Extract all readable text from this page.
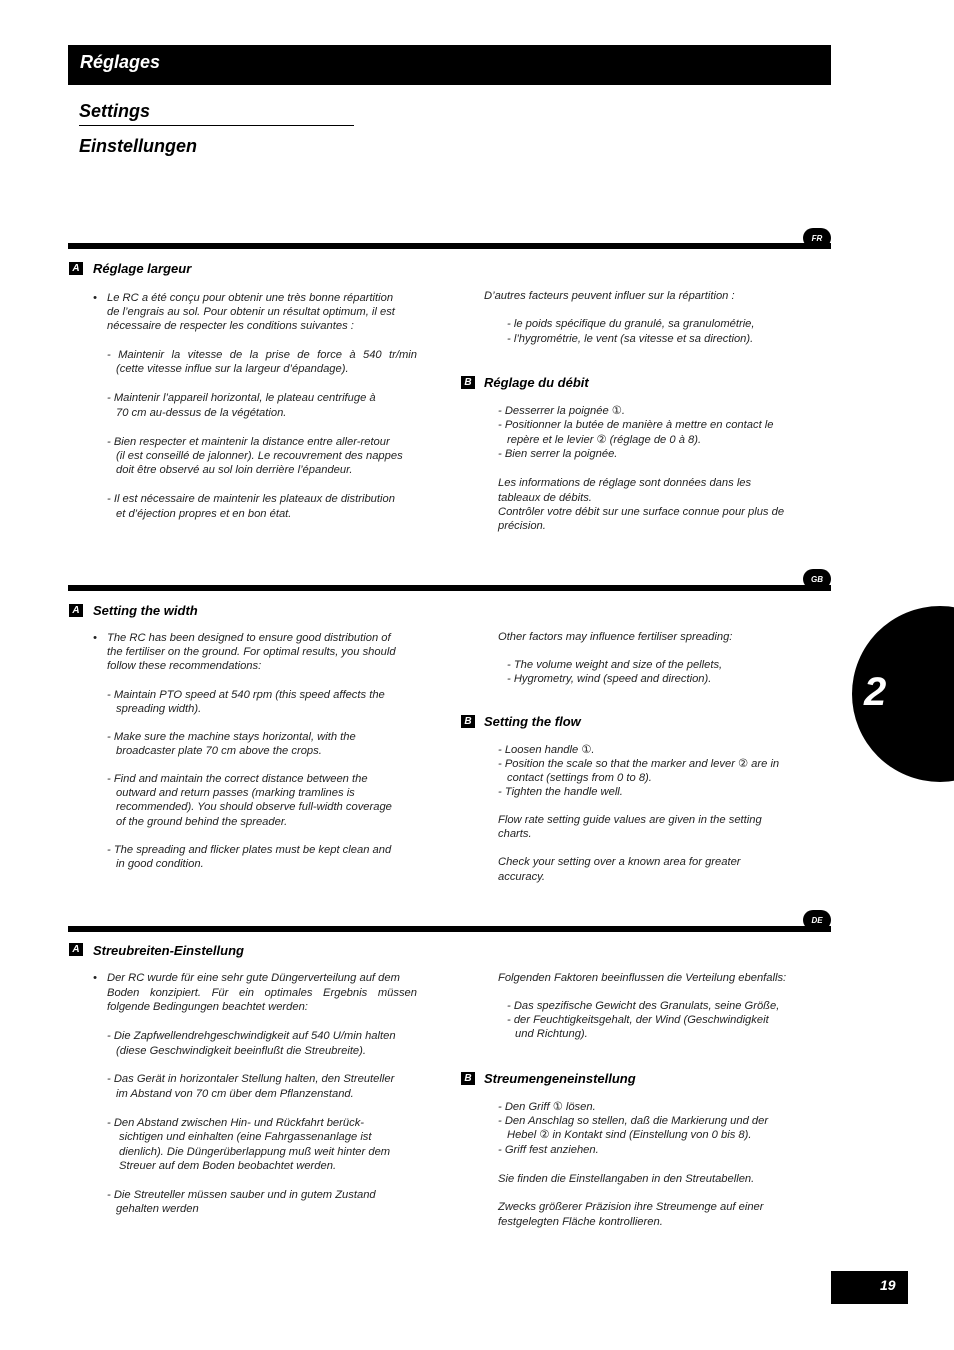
Réglages
Settings
Einstellungen
FR
A Réglage largeur
• Le RC a été conçu pour obtenir une très bonne répartition
de l’engrais au sol. Pour obtenir un résultat optimum, il est
nécessaire de respecter les conditions suivantes :
- Maintenir la vitesse de la prise de force à 540 tr/min
(cette vitesse influe sur la largeur d’épandage).
- Maintenir l’appareil horizontal, le plateau centrifuge à
70 cm au-dessus de la végétation.
- Bien respecter et maintenir la distance entre aller-retour
(il est conseillé de jalonner). Le recouvrement des nappes
doit être observé au sol loin derrière l’épandeur.
- Il est nécessaire de maintenir les plateaux de distribution
et d’éjection propres et en bon état.
D’autres facteurs peuvent influer sur la répartition :
- le poids spécifique du granulé, sa granulométrie,
- l’hygrométrie, le vent (sa vitesse et sa direction).
B Réglage du débit
- Desserrer la poignée ①.
- Positionner la butée de manière à mettre en contact le
repère et le levier ② (réglage de 0 à 8).
- Bien serrer la poignée.
Les informations de réglage sont données dans les
tableaux de débits.
Contrôler votre débit sur une surface connue pour plus de
précision.
GB
A Setting the width
• The RC has been designed to ensure good distribution of
the fertiliser on the ground. For optimal results, you should
follow these recommendations:
- Maintain PTO speed at 540 rpm (this speed affects the
spreading width).
- Make sure the machine stays horizontal, with the
broadcaster plate 70 cm above the crops.
- Find and maintain the correct distance between the
outward and return passes (marking tramlines is
recommended). You should observe full-width coverage
of the ground behind the spreader.
- The spreading and flicker plates must be kept clean and
in good condition.
Other factors may influence fertiliser spreading:
- The volume weight and size of the pellets,
- Hygrometry, wind (speed and direction).
B Setting the flow
- Loosen handle ①.
- Position the scale so that the marker and lever ② are in
contact (settings from 0 to 8).
- Tighten the handle well.
Flow rate setting guide values are given in the setting
charts.
Check your setting over a known area for greater
accuracy.
DE
A Streubreiten-Einstellung
• Der RC wurde für eine sehr gute Düngerverteilung auf dem
Boden konzipiert. Für ein optimales Ergebnis müssen
folgende Bedingungen beachtet werden:
- Die Zapfwellendrehgeschwindigkeit auf 540 U/min halten
(diese Geschwindigkeit beeinflußt die Streubreite).
- Das Gerät in horizontaler Stellung halten, den Streuteller
im Abstand von 70 cm über dem Pflanzenstand.
- Den Abstand zwischen Hin- und Rückfahrt berück-
sichtigen und einhalten (eine Fahrgassenanlage ist
dienlich). Die Düngerüberlappung muß weit hinter dem
Streuer auf dem Boden beobachtet werden.
- Die Streuteller müssen sauber und in gutem Zustand
gehalten werden
Folgenden Faktoren beeinflussen die Verteilung ebenfalls:
- Das spezifische Gewicht des Granulats, seine Größe,
- der Feuchtigkeitsgehalt, der Wind (Geschwindigkeit
und Richtung).
B Streumengeneinstellung
- Den Griff ① lösen.
- Den Anschlag so stellen, daß die Markierung und der
Hebel ② in Kontakt sind (Einstellung von 0 bis 8).
- Griff fest anziehen.
Sie finden die Einstellangaben in den Streutabellen.
Zwecks größerer Präzision ihre Streumenge auf einer
festgelegten Fläche kontrollieren.
2
19
